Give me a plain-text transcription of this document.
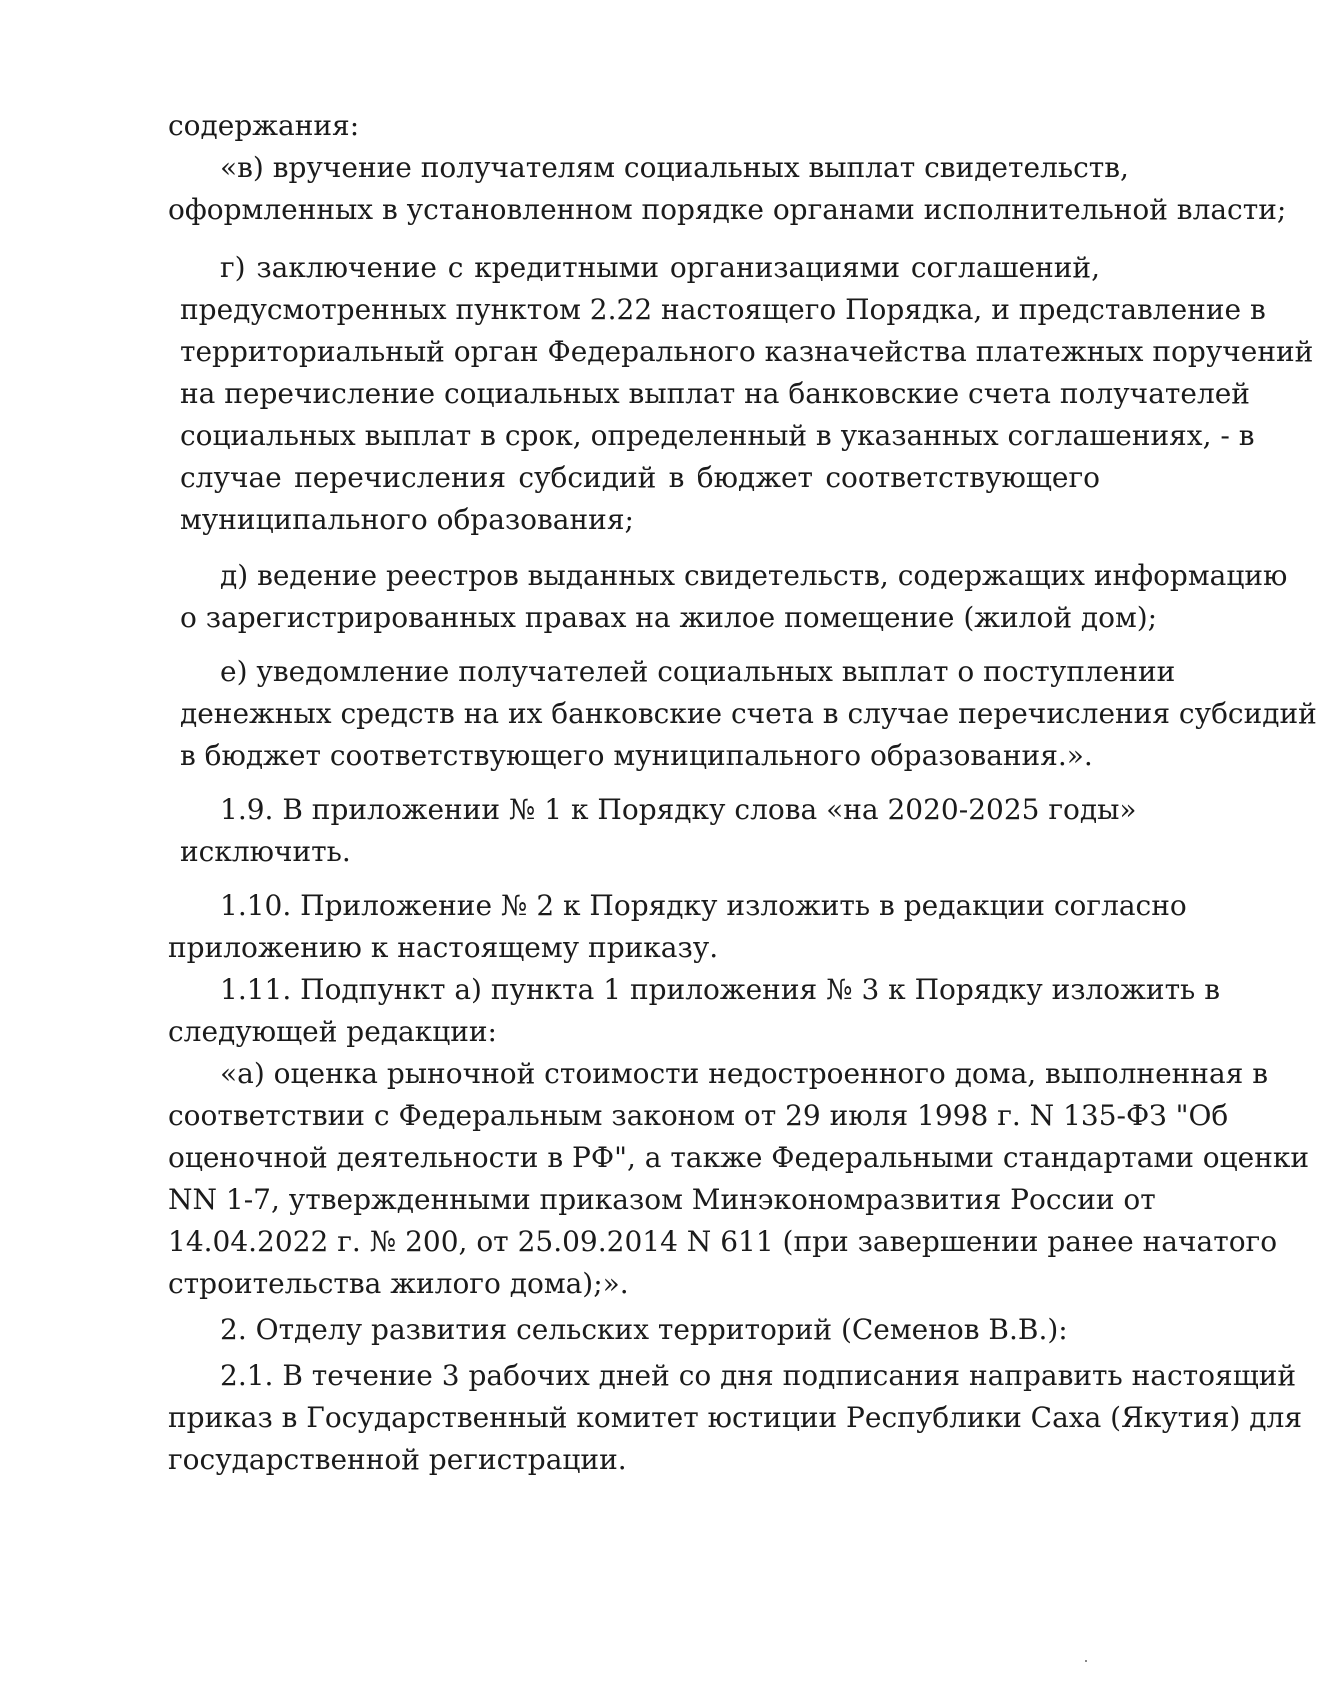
содержания:
«в) вручение получателям социальных выплат свидетельств,
оформленных в установленном порядке органами исполнительной власти;
г) заключение с кредитными организациями соглашений,
предусмотренных пунктом 2.22 настоящего Порядка, и представление в
территориальный орган Федерального казначейства платежных поручений
на перечисление социальных выплат на банковские счета получателей
социальных выплат в срок, определенный в указанных соглашениях, - в
случае перечисления субсидий в бюджет соответствующего
муниципального образования;
д) ведение реестров выданных свидетельств, содержащих информацию
о зарегистрированных правах на жилое помещение (жилой дом);
е) уведомление получателей социальных выплат о поступлении
денежных средств на их банковские счета в случае перечисления субсидий
в бюджет соответствующего муниципального образования.».
1.9. В приложении № 1 к Порядку слова «на 2020-2025 годы»
исключить.
1.10. Приложение № 2 к Порядку изложить в редакции согласно
приложению к настоящему приказу.
1.11. Подпункт а) пункта 1 приложения № 3 к Порядку изложить в
следующей редакции:
«а) оценка рыночной стоимости недостроенного дома, выполненная в
соответствии с Федеральным законом от 29 июля 1998 г. N 135-ФЗ "Об
оценочной деятельности в РФ", а также Федеральными стандартами оценки
NN 1-7, утвержденными приказом Минэкономразвития России от
14.04.2022 г. № 200, от 25.09.2014 N 611 (при завершении ранее начатого
строительства жилого дома);».
2. Отделу развития сельских территорий (Семенов В.В.):
2.1. В течение 3 рабочих дней со дня подписания направить настоящий
приказ в Государственный комитет юстиции Республики Саха (Якутия) для
государственной регистрации.
